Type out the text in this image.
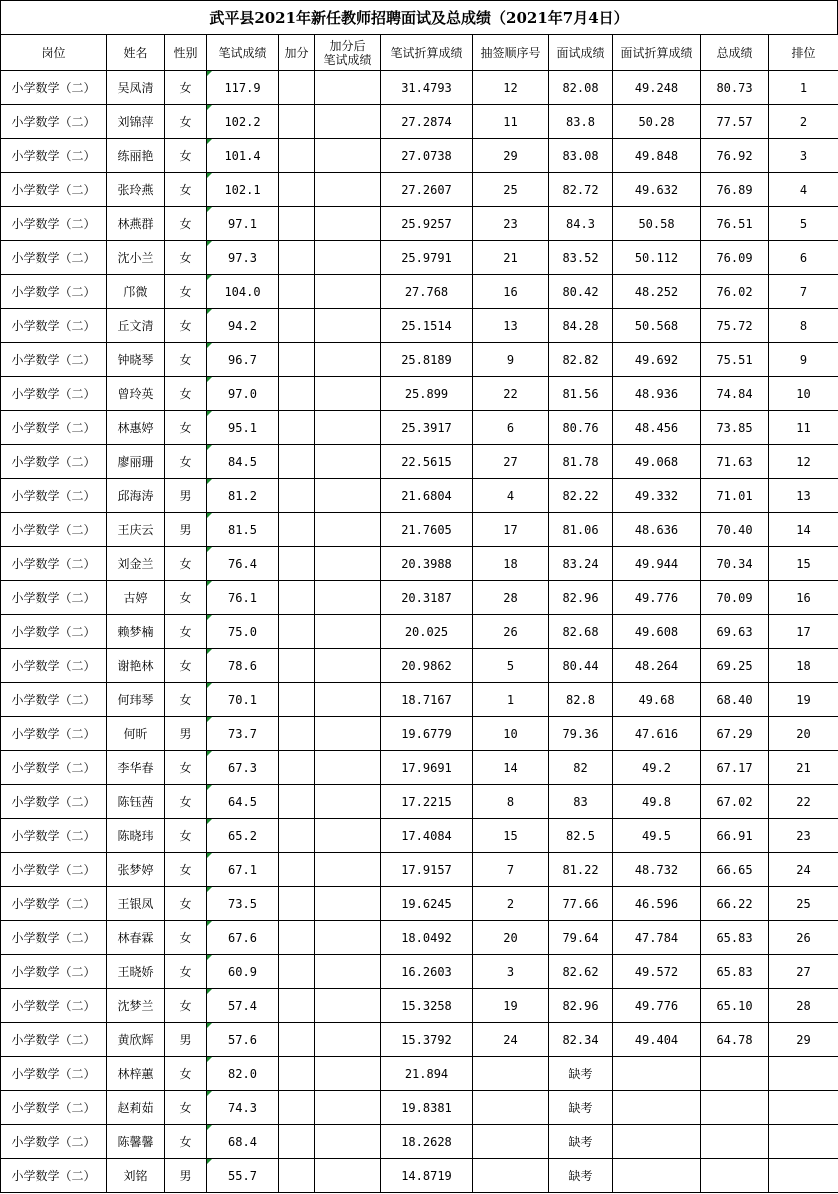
武平县2021年新任教师招聘面试及总成绩（2021年7月4日）
岗位	姓名	性别	笔试成绩	加分	加分后
笔试成绩	笔试折算成绩	抽签顺序号	面试成绩	面试折算成绩	总成绩	排位
小学数学（二）	吴凤清	女	117.9			31.4793	12	82.08	49.248	80.73	1
小学数学（二）	刘锦萍	女	102.2			27.2874	11	83.8	50.28	77.57	2
小学数学（二）	练丽艳	女	101.4			27.0738	29	83.08	49.848	76.92	3
小学数学（二）	张玲燕	女	102.1			27.2607	25	82.72	49.632	76.89	4
小学数学（二）	林燕群	女	97.1			25.9257	23	84.3	50.58	76.51	5
小学数学（二）	沈小兰	女	97.3			25.9791	21	83.52	50.112	76.09	6
小学数学（二）	邝微	女	104.0			27.768	16	80.42	48.252	76.02	7
小学数学（二）	丘文清	女	94.2			25.1514	13	84.28	50.568	75.72	8
小学数学（二）	钟晓琴	女	96.7			25.8189	9	82.82	49.692	75.51	9
小学数学（二）	曾玲英	女	97.0			25.899	22	81.56	48.936	74.84	10
小学数学（二）	林惠婷	女	95.1			25.3917	6	80.76	48.456	73.85	11
小学数学（二）	廖丽珊	女	84.5			22.5615	27	81.78	49.068	71.63	12
小学数学（二）	邱海涛	男	81.2			21.6804	4	82.22	49.332	71.01	13
小学数学（二）	王庆云	男	81.5			21.7605	17	81.06	48.636	70.40	14
小学数学（二）	刘金兰	女	76.4			20.3988	18	83.24	49.944	70.34	15
小学数学（二）	古婷	女	76.1			20.3187	28	82.96	49.776	70.09	16
小学数学（二）	赖梦楠	女	75.0			20.025	26	82.68	49.608	69.63	17
小学数学（二）	谢艳林	女	78.6			20.9862	5	80.44	48.264	69.25	18
小学数学（二）	何玮琴	女	70.1			18.7167	1	82.8	49.68	68.40	19
小学数学（二）	何昕	男	73.7			19.6779	10	79.36	47.616	67.29	20
小学数学（二）	李华春	女	67.3			17.9691	14	82	49.2	67.17	21
小学数学（二）	陈钰茜	女	64.5			17.2215	8	83	49.8	67.02	22
小学数学（二）	陈晓玮	女	65.2			17.4084	15	82.5	49.5	66.91	23
小学数学（二）	张梦婷	女	67.1			17.9157	7	81.22	48.732	66.65	24
小学数学（二）	王银凤	女	73.5			19.6245	2	77.66	46.596	66.22	25
小学数学（二）	林春霖	女	67.6			18.0492	20	79.64	47.784	65.83	26
小学数学（二）	王晓娇	女	60.9			16.2603	3	82.62	49.572	65.83	27
小学数学（二）	沈梦兰	女	57.4			15.3258	19	82.96	49.776	65.10	28
小学数学（二）	黄欣辉	男	57.6			15.3792	24	82.34	49.404	64.78	29
小学数学（二）	林梓蕙	女	82.0			21.894		缺考			
小学数学（二）	赵莉茹	女	74.3			19.8381		缺考			
小学数学（二）	陈馨馨	女	68.4			18.2628		缺考			
小学数学（二）	刘铭	男	55.7			14.8719		缺考			
